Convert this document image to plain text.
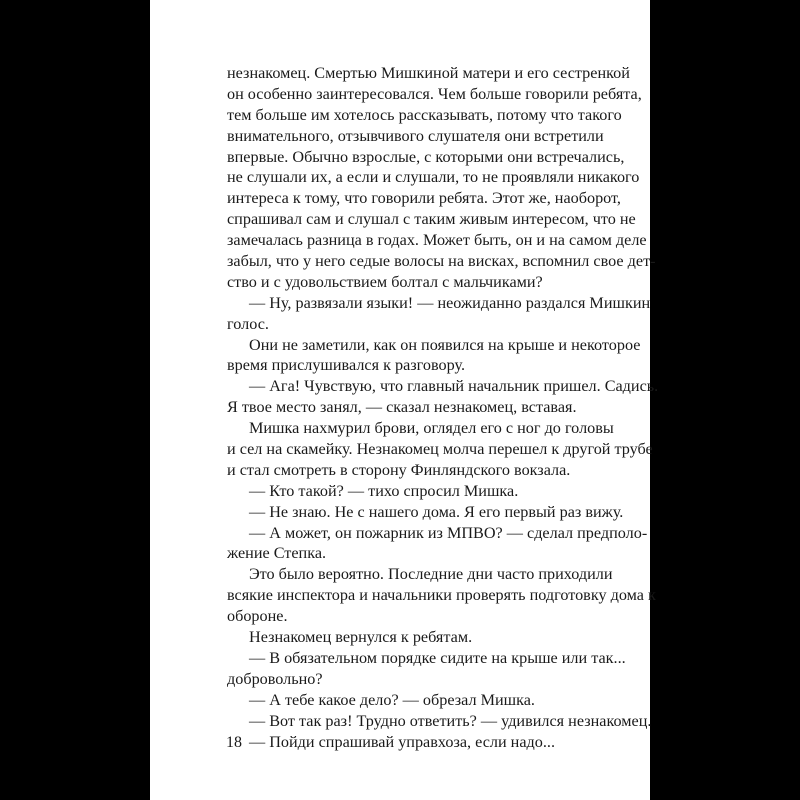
незнакомец. Смертью Мишкиной матери и его сестренкой
он особенно заинтересовался. Чем больше говорили ребята,
тем больше им хотелось рассказывать, потому что такого
внимательного, отзывчивого слушателя они встретили
впервые. Обычно взрослые, с которыми они встречались,
не слушали их, а если и слушали, то не проявляли никакого
интереса к тому, что говорили ребята. Этот же, наоборот,
спрашивал сам и слушал с таким живым интересом, что не
замечалась разница в годах. Может быть, он и на самом деле
забыл, что у него седые волосы на висках, вспомнил свое дет-
ство и с удовольствием болтал с мальчиками?
— Ну, развязали языки! — неожиданно раздался Мишкин
голос.
Они не заметили, как он появился на крыше и некоторое
время прислушивался к разговору.
— Ага! Чувствую, что главный начальник пришел. Садись.
Я твое место занял, — сказал незнакомец, вставая.
Мишка нахмурил брови, оглядел его с ног до головы
и сел на скамейку. Незнакомец молча перешел к другой трубе
и стал смотреть в сторону Финляндского вокзала.
— Кто такой? — тихо спросил Мишка.
— Не знаю. Не с нашего дома. Я его первый раз вижу.
— А может, он пожарник из МПВО? — сделал предполо-
жение Степка.
Это было вероятно. Последние дни часто приходили
всякие инспектора и начальники проверять подготовку дома к
обороне.
Незнакомец вернулся к ребятам.
— В обязательном порядке сидите на крыше или так...
добровольно?
— А тебе какое дело? — обрезал Мишка.
— Вот так раз! Трудно ответить? — удивился незнакомец.
— Пойди спрашивай управхоза, если надо...
18
